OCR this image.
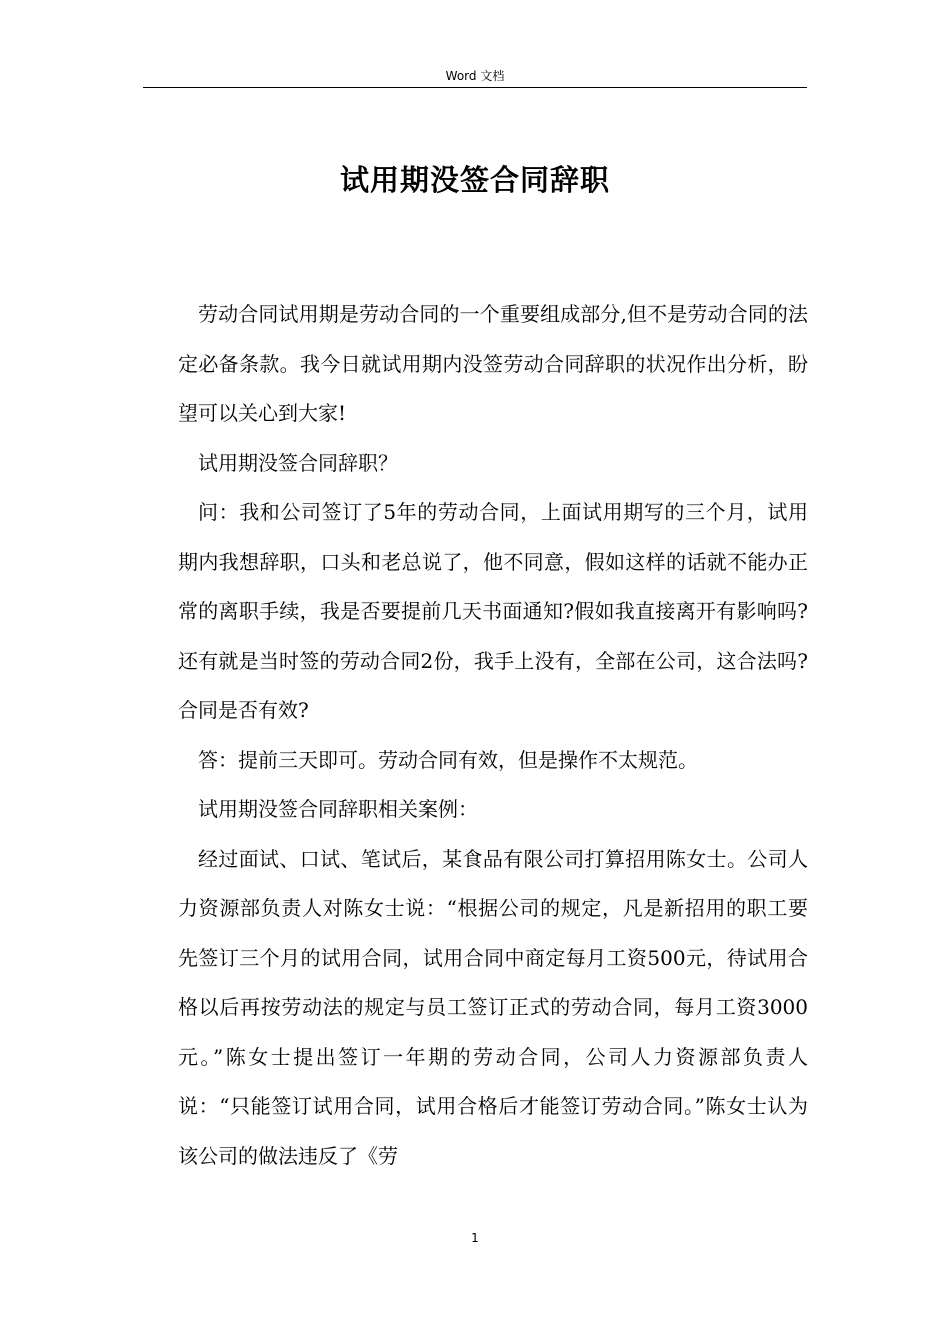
Word 文档
试用期没签合同辞职

劳动合同试用期是劳动合同的一个重要组成部分,但不是劳动合同的法定必备条款。我今日就试用期内没签劳动合同辞职的状况作出分析，盼望可以关心到大家!

试用期没签合同辞职？

问：我和公司签订了5年的劳动合同，上面试用期写的三个月，试用期内我想辞职，口头和老总说了，他不同意，假如这样的话就不能办正常的离职手续，我是否要提前几天书面通知?假如我直接离开有影响吗?还有就是当时签的劳动合同2份，我手上没有，全部在公司，这合法吗?合同是否有效?

答：提前三天即可。劳动合同有效，但是操作不太规范。

试用期没签合同辞职相关案例：

经过面试、口试、笔试后，某食品有限公司打算招用陈女士。公司人力资源部负责人对陈女士说：“根据公司的规定，凡是新招用的职工要先签订三个月的试用合同，试用合同中商定每月工资500元，待试用合格以后再按劳动法的规定与员工签订正式的劳动合同，每月工资3000元。”陈女士提出签订一年期的劳动合同，公司人力资源部负责人说：“只能签订试用合同，试用合格后才能签订劳动合同。”陈女士认为该公司的做法违反了《劳

1
